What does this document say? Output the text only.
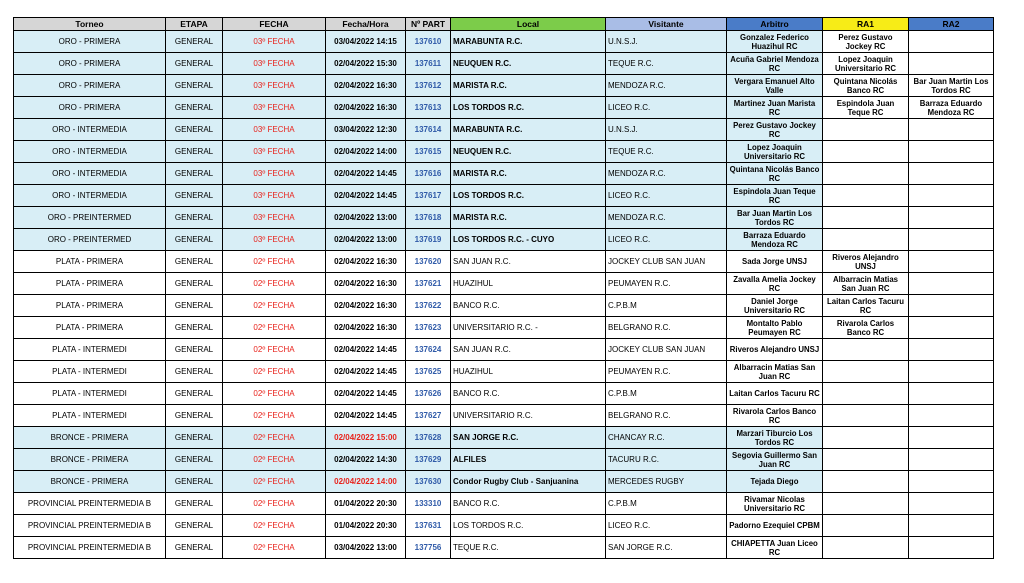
Torneo	ETAPA	FECHA	Fecha/Hora	Nº PART	Local	Visitante	Arbitro	RA1	RA2
ORO - PRIMERA	GENERAL	03º FECHA	03/04/2022 14:15	137610	MARABUNTA R.C.	U.N.S.J.	Gonzalez Federico Huazihul RC	Perez Gustavo Jockey RC	
ORO - PRIMERA	GENERAL	03º FECHA	02/04/2022 15:30	137611	NEUQUEN R.C.	TEQUE R.C.	Acuña Gabriel Mendoza RC	Lopez Joaquin Universitario RC	
ORO - PRIMERA	GENERAL	03º FECHA	02/04/2022 16:30	137612	MARISTA R.C.	MENDOZA R.C.	Vergara Emanuel Alto Valle	Quintana Nicolás Banco RC	Bar Juan Martin Los Tordos RC
ORO - PRIMERA	GENERAL	03º FECHA	02/04/2022 16:30	137613	LOS TORDOS R.C.	LICEO R.C.	Martinez Juan Marista RC	Espindola Juan Teque RC	Barraza Eduardo Mendoza RC
ORO - INTERMEDIA	GENERAL	03º FECHA	03/04/2022 12:30	137614	MARABUNTA R.C.	U.N.S.J.	Perez Gustavo Jockey RC		
ORO - INTERMEDIA	GENERAL	03º FECHA	02/04/2022 14:00	137615	NEUQUEN R.C.	TEQUE R.C.	Lopez Joaquin Universitario RC		
ORO - INTERMEDIA	GENERAL	03º FECHA	02/04/2022 14:45	137616	MARISTA R.C.	MENDOZA R.C.	Quintana Nicolás Banco RC		
ORO - INTERMEDIA	GENERAL	03º FECHA	02/04/2022 14:45	137617	LOS TORDOS R.C.	LICEO R.C.	Espindola Juan Teque RC		
ORO - PREINTERMED	GENERAL	03º FECHA	02/04/2022 13:00	137618	MARISTA R.C.	MENDOZA R.C.	Bar Juan Martin Los Tordos RC		
ORO - PREINTERMED	GENERAL	03º FECHA	02/04/2022 13:00	137619	LOS TORDOS R.C. - CUYO	LICEO R.C.	Barraza Eduardo Mendoza RC		
PLATA - PRIMERA	GENERAL	02º FECHA	02/04/2022 16:30	137620	SAN JUAN R.C.	JOCKEY CLUB SAN JUAN	Sada Jorge UNSJ	Riveros Alejandro UNSJ	
PLATA - PRIMERA	GENERAL	02º FECHA	02/04/2022 16:30	137621	HUAZIHUL	PEUMAYEN R.C.	Zavalla Amelia Jockey RC	Albarracin Matias San Juan RC	
PLATA - PRIMERA	GENERAL	02º FECHA	02/04/2022 16:30	137622	BANCO R.C.	C.P.B.M	Daniel Jorge Universitario RC	Laitan Carlos Tacuru RC	
PLATA - PRIMERA	GENERAL	02º FECHA	02/04/2022 16:30	137623	UNIVERSITARIO R.C. -	BELGRANO R.C.	Montalto Pablo Peumayen RC	Rivarola Carlos Banco RC	
PLATA - INTERMEDI	GENERAL	02º FECHA	02/04/2022 14:45	137624	SAN JUAN R.C.	JOCKEY CLUB SAN JUAN	Riveros Alejandro UNSJ		
PLATA - INTERMEDI	GENERAL	02º FECHA	02/04/2022 14:45	137625	HUAZIHUL	PEUMAYEN R.C.	Albarracin Matias San Juan RC		
PLATA - INTERMEDI	GENERAL	02º FECHA	02/04/2022 14:45	137626	BANCO R.C.	C.P.B.M	Laitan Carlos Tacuru RC		
PLATA - INTERMEDI	GENERAL	02º FECHA	02/04/2022 14:45	137627	UNIVERSITARIO R.C.	BELGRANO R.C.	Rivarola Carlos Banco RC		
BRONCE - PRIMERA	GENERAL	02º FECHA	02/04/2022 15:00	137628	SAN JORGE R.C.	CHANCAY R.C.	Marzari Tiburcio Los Tordos RC		
BRONCE - PRIMERA	GENERAL	02º FECHA	02/04/2022 14:30	137629	ALFILES	TACURU R.C.	Segovia Guillermo San Juan RC		
BRONCE - PRIMERA	GENERAL	02º FECHA	02/04/2022 14:00	137630	Condor Rugby Club - Sanjuanina	MERCEDES RUGBY	Tejada Diego		
PROVINCIAL PREINTERMEDIA B	GENERAL	02º FECHA	01/04/2022 20:30	133310	BANCO R.C.	C.P.B.M	Rivamar Nicolas Universitario RC		
PROVINCIAL PREINTERMEDIA B	GENERAL	02º FECHA	01/04/2022 20:30	137631	LOS TORDOS R.C.	LICEO R.C.	Padorno Ezequiel CPBM		
PROVINCIAL PREINTERMEDIA B	GENERAL	02º FECHA	03/04/2022 13:00	137756	TEQUE R.C.	SAN JORGE R.C.	CHIAPETTA Juan Liceo RC		
